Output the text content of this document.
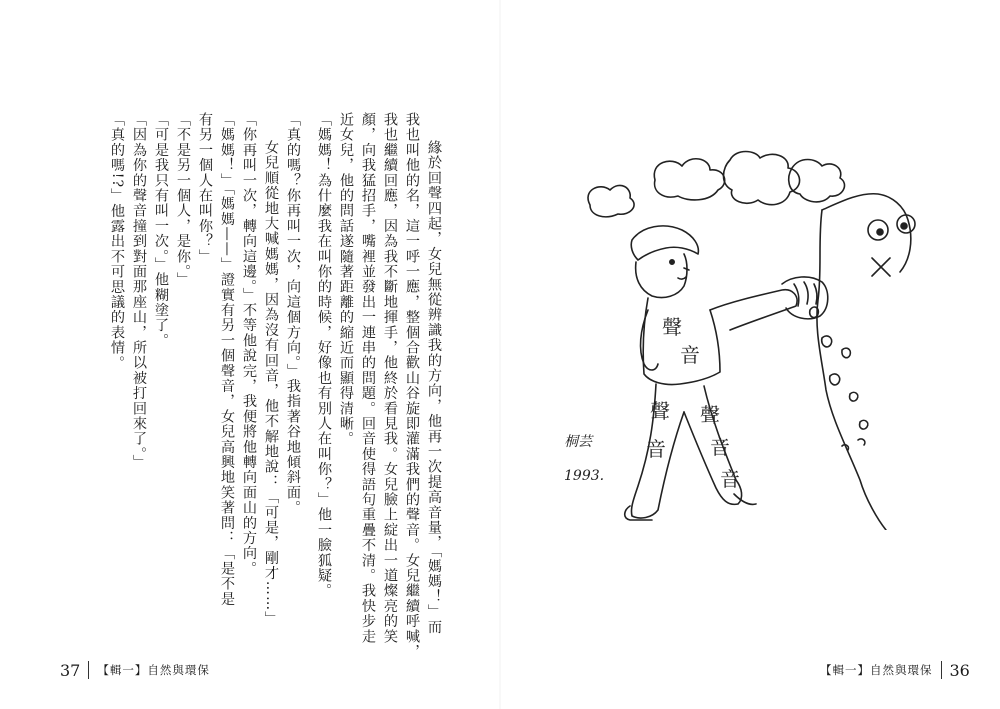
緣於回聲四起，女兒無從辨識我的方向，他再一次提高音量，「媽媽！」而

我也叫他的名，這一呼一應，整個合歡山谷旋即灌滿我們的聲音。女兒繼續呼喊，

我也繼續回應，因為我不斷地揮手，他終於看見我。女兒臉上綻出一道燦亮的笑

顏，向我猛招手，嘴裡並發出一連串的問題。回音使得語句重疊不清。我快步走

近女兒，他的問話遂隨著距離的縮近而顯得清晰。

「媽媽！為什麼我在叫你的時候，好像也有別人在叫你？」他一臉狐疑。

「真的嗎？你再叫一次，向這個方向。」我指著谷地傾斜面。

女兒順從地大喊媽媽，因為沒有回音，他不解地說：「可是，剛才……」

「你再叫一次，轉向這邊。」不等他說完，我便將他轉向面山的方向。

「媽媽！」「媽媽——」證實有另一個聲音，女兒高興地笑著問：「是不是

有另一個人在叫你？」

「不是另一個人，是你。」

「可是我只有叫一次。」他糊塗了。

「因為你的聲音撞到對面那座山，所以被打回來了。」

「真的嗎!?」他露出不可思議的表情。

37 【輯一】自然與環保
聲
音
聲
音
聲
音
音
桐芸
1993.
【輯一】自然與環保 36
